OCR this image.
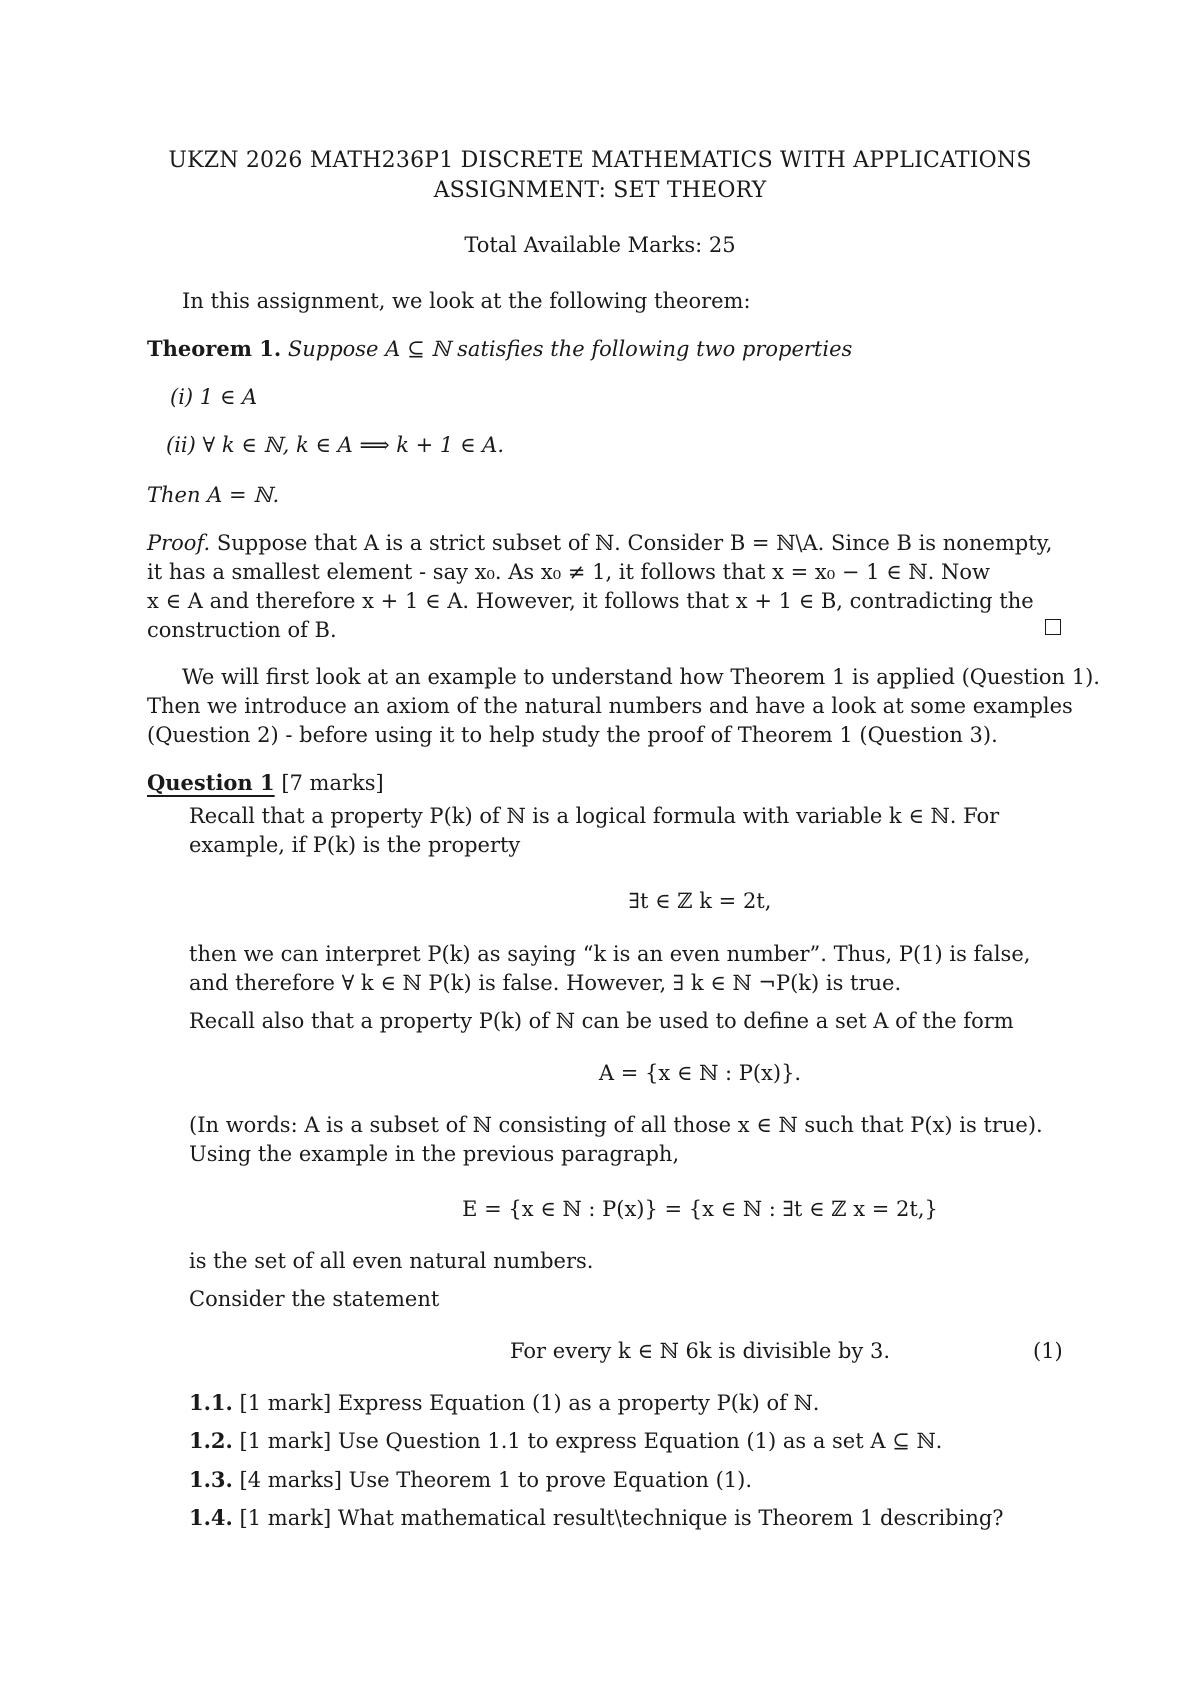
UKZN 2026 MATH236P1 DISCRETE MATHEMATICS WITH APPLICATIONS
ASSIGNMENT: SET THEORY
Total Available Marks: 25
In this assignment, we look at the following theorem:
Theorem 1. Suppose A ⊆ ℕ satisfies the following two properties
(i) 1 ∈ A
(ii) ∀ k ∈ ℕ, k ∈ A ⟹ k + 1 ∈ A.
Then A = ℕ.
Proof. Suppose that A is a strict subset of ℕ. Consider B = ℕ\A. Since B is nonempty,
it has a smallest element - say x₀. As x₀ ≠ 1, it follows that x = x₀ − 1 ∈ ℕ. Now
x ∈ A and therefore x + 1 ∈ A. However, it follows that x + 1 ∈ B, contradicting the
construction of B.
We will first look at an example to understand how Theorem 1 is applied (Question 1).
Then we introduce an axiom of the natural numbers and have a look at some examples
(Question 2) - before using it to help study the proof of Theorem 1 (Question 3).
Question 1 [7 marks]
Recall that a property P(k) of ℕ is a logical formula with variable k ∈ ℕ. For
example, if P(k) is the property
∃t ∈ ℤ k = 2t,
then we can interpret P(k) as saying “k is an even number”. Thus, P(1) is false,
and therefore ∀ k ∈ ℕ P(k) is false. However, ∃ k ∈ ℕ ¬P(k) is true.
Recall also that a property P(k) of ℕ can be used to define a set A of the form
A = {x ∈ ℕ : P(x)}.
(In words: A is a subset of ℕ consisting of all those x ∈ ℕ such that P(x) is true).
Using the example in the previous paragraph,
E = {x ∈ ℕ : P(x)} = {x ∈ ℕ : ∃t ∈ ℤ x = 2t,}
is the set of all even natural numbers.
Consider the statement
For every k ∈ ℕ 6k is divisible by 3.	(1)
1.1. [1 mark] Express Equation (1) as a property P(k) of ℕ.
1.2. [1 mark] Use Question 1.1 to express Equation (1) as a set A ⊆ ℕ.
1.3. [4 marks] Use Theorem 1 to prove Equation (1).
1.4. [1 mark] What mathematical result\technique is Theorem 1 describing?
